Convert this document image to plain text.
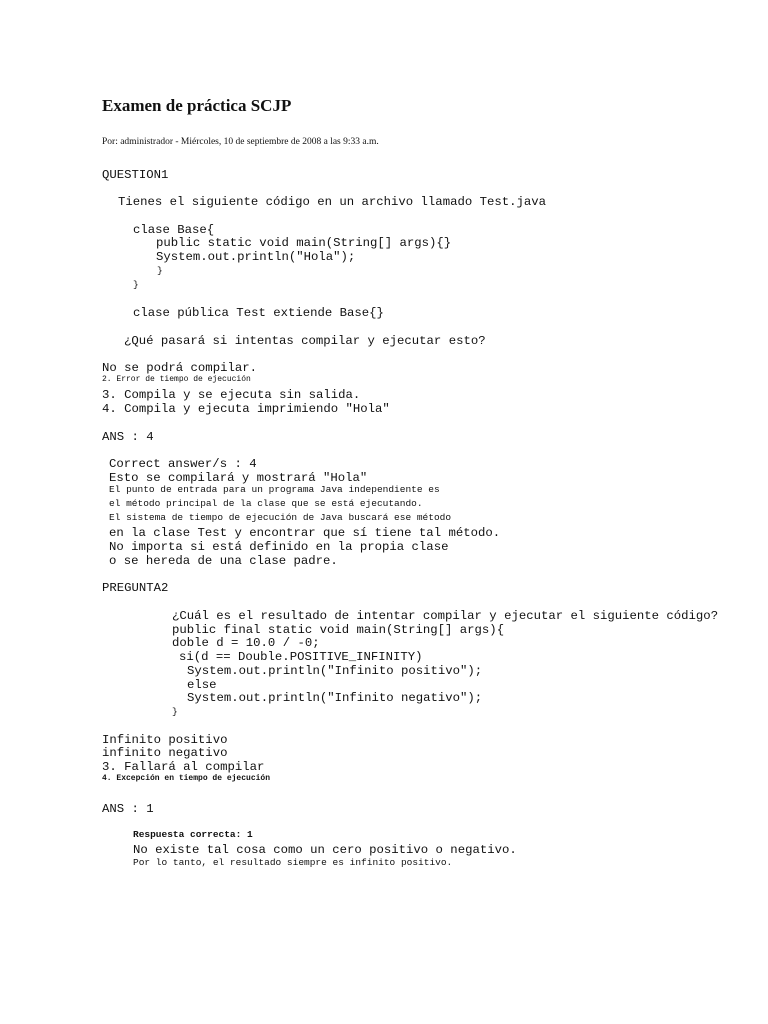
Examen de práctica SCJP
Por: administrador - Miércoles, 10 de septiembre de 2008 a las 9:33 a.m.
QUESTION1
Tienes el siguiente código en un archivo llamado Test.java
clase Base{
public static void main(String[] args){}
System.out.println("Hola");
}
}
clase pública Test extiende Base{}
¿Qué pasará si intentas compilar y ejecutar esto?
No se podrá compilar.
2. Error de tiempo de ejecución
3. Compila y se ejecuta sin salida.
4. Compila y ejecuta imprimiendo "Hola"
ANS : 4
Correct answer/s : 4
Esto se compilará y mostrará "Hola"
El punto de entrada para un programa Java independiente es
el método principal de la clase que se está ejecutando.
El sistema de tiempo de ejecución de Java buscará ese método
en la clase Test y encontrar que sí tiene tal método.
No importa si está definido en la propia clase
o se hereda de una clase padre.
PREGUNTA2
¿Cuál es el resultado de intentar compilar y ejecutar el siguiente código?
public final static void main(String[] args){
doble d = 10.0 / -0;
si(d == Double.POSITIVE_INFINITY)
System.out.println("Infinito positivo");
else
System.out.println("Infinito negativo");
}
Infinito positivo
infinito negativo
3. Fallará al compilar
4. Excepción en tiempo de ejecución
ANS : 1
Respuesta correcta: 1
No existe tal cosa como un cero positivo o negativo.
Por lo tanto, el resultado siempre es infinito positivo.
